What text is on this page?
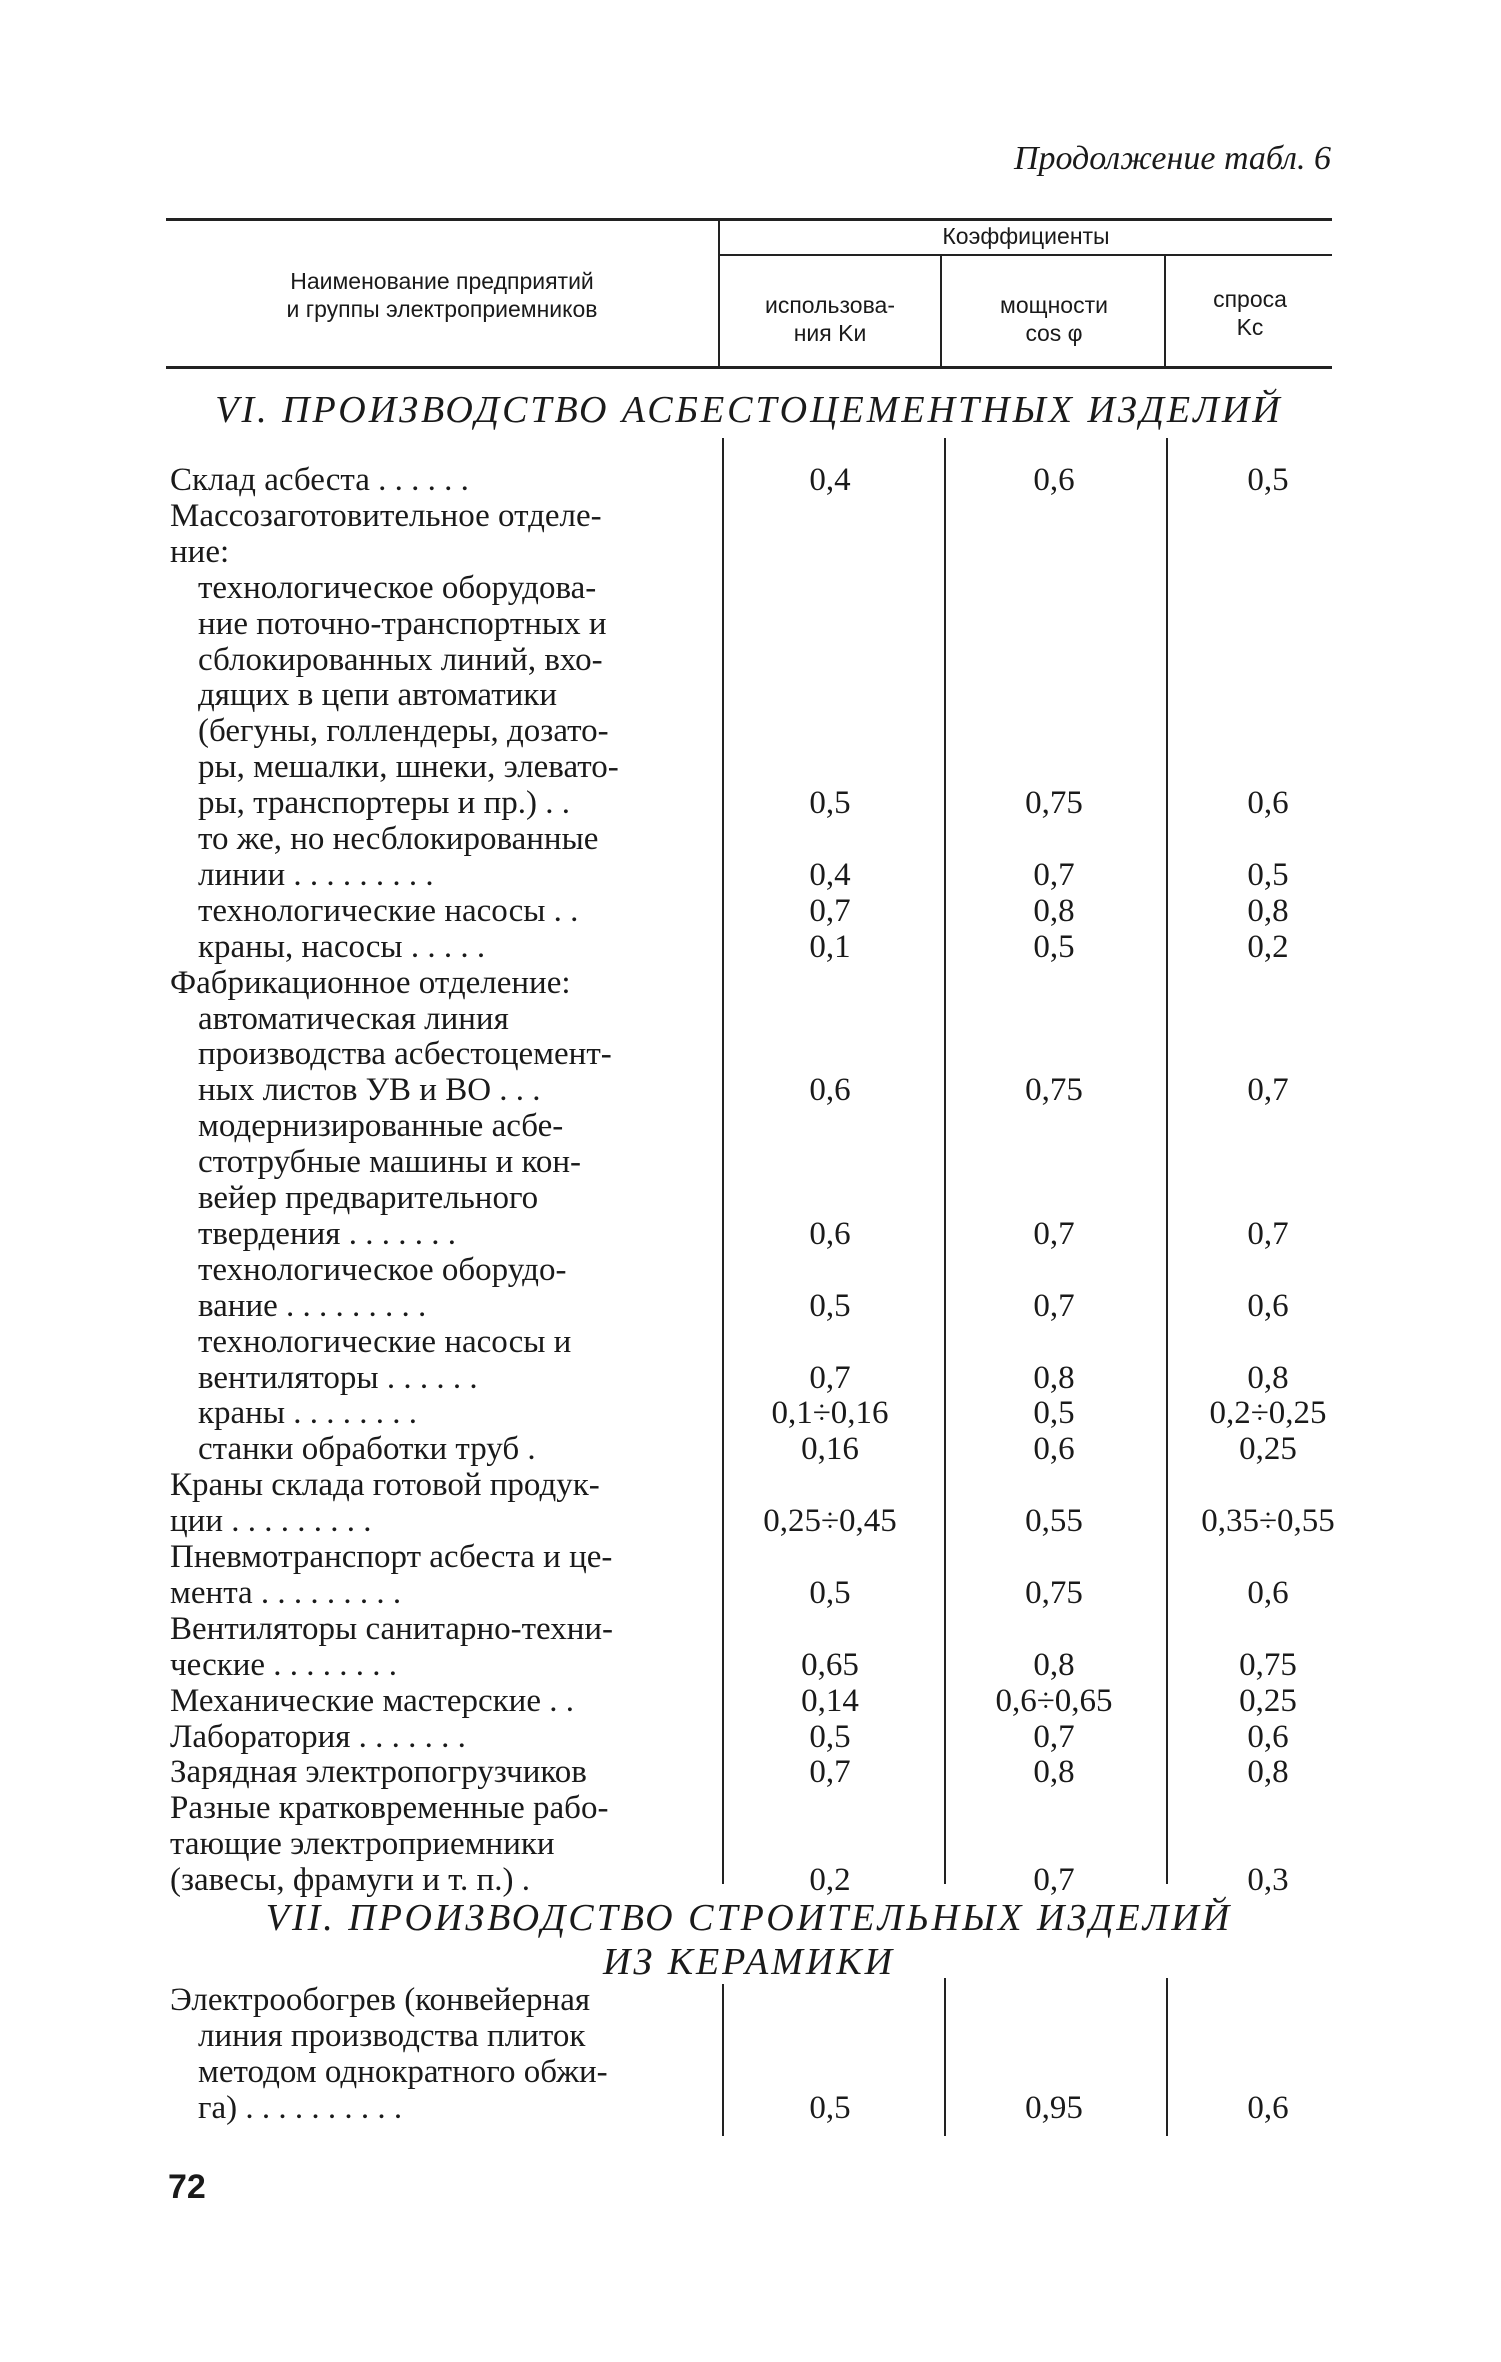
Продолжение табл. 6
Наименование предприятий
и группы электроприемников
Коэффициенты
использова-
ния Kи
мощности
cos φ
спроса
Kс
VI. ПРОИЗВОДСТВО АСБЕСТОЦЕМЕНТНЫХ ИЗДЕЛИЙ
Склад асбеста . . . . . .	0,4	0,6	0,5
Массозаготовительное отделе-
ние:
технологическое оборудова-
ние поточно-транспортных и
сблокированных линий, вхо-
дящих в цепи автоматики
(бегуны, голлендеры, дозато-
ры, мешалки, шнеки, элевато-
ры, транспортеры и пр.) . .	0,5	0,75	0,6
то же, но несблокированные
линии . . . . . . . . .	0,4	0,7	0,5
технологические насосы . .	0,7	0,8	0,8
краны, насосы . . . . .	0,1	0,5	0,2
Фабрикационное отделение:
автоматическая линия
производства асбестоцемент-
ных листов УВ и ВО . . .	0,6	0,75	0,7
модернизированные асбе-
стотрубные машины и кон-
вейер предварительного
твердения . . . . . . .	0,6	0,7	0,7
технологическое оборудо-
вание . . . . . . . . .	0,5	0,7	0,6
технологические насосы и
вентиляторы . . . . . .	0,7	0,8	0,8
краны . . . . . . . .	0,1÷0,16	0,5	0,2÷0,25
станки обработки труб .	0,16	0,6	0,25
Краны склада готовой продук-
ции . . . . . . . . .	0,25÷0,45	0,55	0,35÷0,55
Пневмотранспорт асбеста и це-
мента . . . . . . . . .	0,5	0,75	0,6
Вентиляторы санитарно-техни-
ческие . . . . . . . .	0,65	0,8	0,75
Механические мастерские . .	0,14	0,6÷0,65	0,25
Лаборатория . . . . . . .	0,5	0,7	0,6
Зарядная электропогрузчиков	0,7	0,8	0,8
Разные кратковременные рабо-
тающие электроприемники
(завесы, фрамуги и т. п.) .	0,2	0,7	0,3
VII. ПРОИЗВОДСТВО СТРОИТЕЛЬНЫХ ИЗДЕЛИЙ
ИЗ КЕРАМИКИ
Электрообогрев (конвейерная
линия производства плиток
методом однократного обжи-
га) . . . . . . . . . .	0,5	0,95	0,6
72
